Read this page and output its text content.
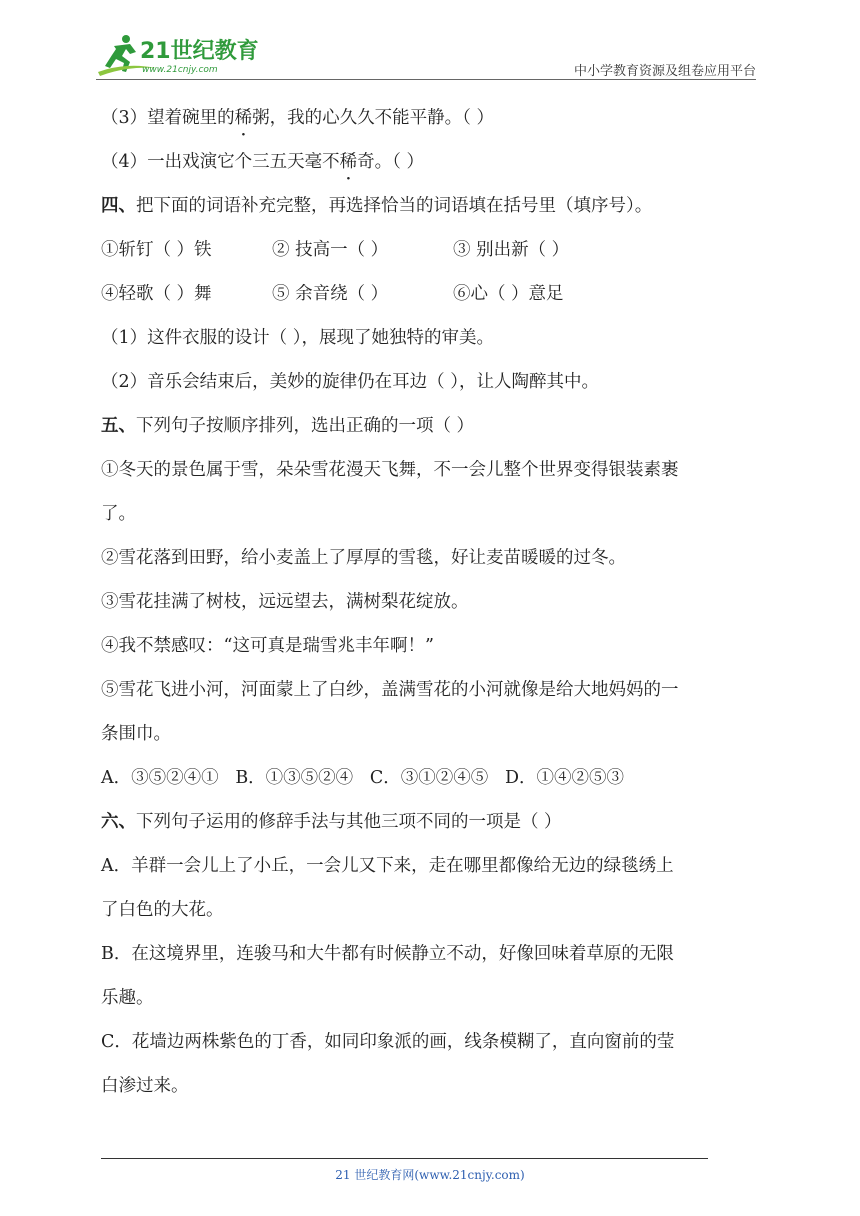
21世纪教育
www.21cnjy.com	中小学教育资源及组卷应用平台
（3）望着碗里的稀粥，我的心久久不能平静。（ ）
（4）一出戏演它个三五天毫不稀奇。（ ）
四、把下面的词语补充完整，再选择恰当的词语填在括号里（填序号）。
①斩钉（ ）铁	② 技高一（ ）	③ 别出新（ ）
④轻歌（ ）舞	⑤ 余音绕（ ）	⑥心（ ）意足
（1）这件衣服的设计（ ），展现了她独特的审美。
（2）音乐会结束后，美妙的旋律仍在耳边（ ），让人陶醉其中。
五、下列句子按顺序排列，选出正确的一项（ ）
①冬天的景色属于雪，朵朵雪花漫天飞舞，不一会儿整个世界变得银装素裹
了。
②雪花落到田野，给小麦盖上了厚厚的雪毯，好让麦苗暖暖的过冬。
③雪花挂满了树枝，远远望去，满树梨花绽放。
④我不禁感叹：“这可真是瑞雪兆丰年啊！”
⑤雪花飞进小河，河面蒙上了白纱，盖满雪花的小河就像是给大地妈妈的一
条围巾。
A．③⑤②④①   B．①③⑤②④   C．③①②④⑤   D．①④②⑤③
六、下列句子运用的修辞手法与其他三项不同的一项是（ ）
A．羊群一会儿上了小丘，一会儿又下来，走在哪里都像给无边的绿毯绣上
了白色的大花。
B．在这境界里，连骏马和大牛都有时候静立不动，好像回味着草原的无限
乐趣。
C．花墙边两株紫色的丁香，如同印象派的画，线条模糊了，直向窗前的莹
白渗过来。
21 世纪教育网(www.21cnjy.com)
